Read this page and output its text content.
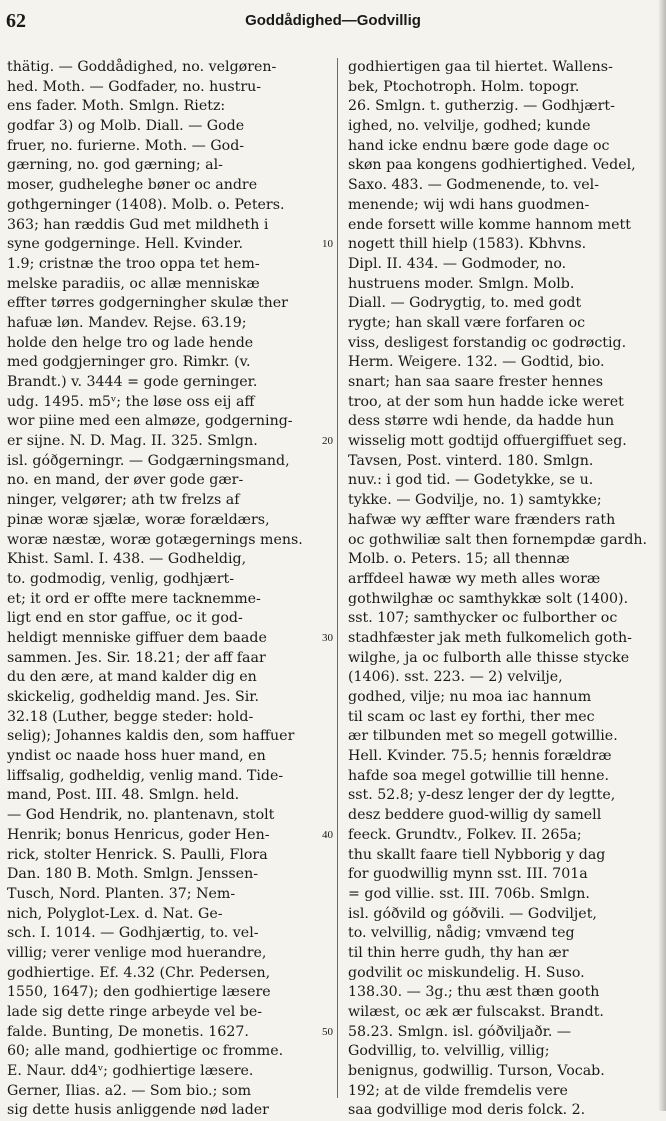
62	Goddådighed—Godvillig
thätig. — Goddådighed, no. velgøren-
hed. Moth. — Godfader, no. hustru-
ens fader. Moth. Smlgn. Rietz:
godfar 3) og Molb. Diall. — Gode
fruer, no. furierne. Moth. — God-
gærning, no. god gærning; al-
moser, gudheleghe bøner oc andre
gothgerninger (1408). Molb. o. Peters.
363; han ræddis Gud met mildheth i
syne godgerninge. Hell. Kvinder.
1.9; cristnæ the troo oppa tet hem-
melske paradiis, oc allæ menniskæ
effter tørres godgerningher skulæ ther
hafuæ løn. Mandev. Rejse. 63.19;
holde den helge tro og lade hende
med godgjerninger gro. Rimkr. (v.
Brandt.) v. 3444 = gode gerninger.
udg. 1495. m5ᵛ; the løse oss eij aff
wor piine med een almøze, godgerning-
er sijne. N. D. Mag. II. 325. Smlgn.
isl. góðgerningr. — Godgærningsmand,
no. en mand, der øver gode gær-
ninger, velgører; ath tw frelzs af
pinæ woræ sjælæ, woræ forældærs,
woræ næstæ, woræ gotægernings mens.
Khist. Saml. I. 438. — Godheldig,
to. godmodig, venlig, godhjært-
et; it ord er offte mere tacknemme-
ligt end en stor gaffue, oc it god-
heldigt menniske giffuer dem baade
sammen. Jes. Sir. 18.21; der aff faar
du den ære, at mand kalder dig en
skickelig, godheldig mand. Jes. Sir.
32.18 (Luther, begge steder: hold-
selig); Johannes kaldis den, som haffuer
yndist oc naade hoss huer mand, en
liffsalig, godheldig, venlig mand. Tide-
mand, Post. III. 48. Smlgn. held.
— God Hendrik, no. plantenavn, stolt
Henrik; bonus Henricus, goder Hen-
rick, stolter Henrick. S. Paulli, Flora
Dan. 180 B. Moth. Smlgn. Jenssen-
Tusch, Nord. Planten. 37; Nem-
nich, Polyglot-Lex. d. Nat. Ge-
sch. I. 1014. — Godhjærtig, to. vel-
villig; verer venlige mod huerandre,
godhiertige. Ef. 4.32 (Chr. Pedersen,
1550, 1647); den godhiertige læsere
lade sig dette ringe arbeyde vel be-
falde. Bunting, De monetis. 1627.
60; alle mand, godhiertige oc fromme.
E. Naur. dd4ᵛ; godhiertige læsere.
Gerner, Ilias. a2. — Som bio.; som
sig dette husis anliggende nød lader
10
20
30
40
50
godhiertigen gaa til hiertet. Wallens-
bek, Ptochotroph. Holm. topogr.
26. Smlgn. t. gutherzig. — Godhjært-
ighed, no. velvilje, godhed; kunde
hand icke endnu bære gode dage oc
skøn paa kongens godhiertighed. Vedel,
Saxo. 483. — Godmenende, to. vel-
menende; wij wdi hans guodmen-
ende forsett wille komme hannom mett
nogett thill hielp (1583). Kbhvns.
Dipl. II. 434. — Godmoder, no.
hustruens moder. Smlgn. Molb.
Diall. — Godrygtig, to. med godt
rygte; han skall være forfaren oc
viss, desligest forstandig oc godrøctig.
Herm. Weigere. 132. — Godtid, bio.
snart; han saa saare frester hennes
troo, at der som hun hadde icke weret
dess større wdi hende, da hadde hun
wisselig mott godtijd offuergiffuet seg.
Tavsen, Post. vinterd. 180. Smlgn.
nuv.: i god tid. — Godetykke, se u.
tykke. — Godvilje, no. 1) samtykke;
hafwæ wy æffter ware frænders rath
oc gothwiliæ salt then fornempdæ gardh.
Molb. o. Peters. 15; all thennæ
arffdeel hawæ wy meth alles woræ
gothwilghæ oc samthykkæ solt (1400).
sst. 107; samthycker oc fulborther oc
stadhfæster jak meth fulkomelich goth-
wilghe, ja oc fulborth alle thisse stycke
(1406). sst. 223. — 2) velvilje,
godhed, vilje; nu moa iac hannum
til scam oc last ey forthi, ther mec
ær tilbunden met so megell gotwillie.
Hell. Kvinder. 75.5; hennis forældræ
hafde soa megel gotwillie till henne.
sst. 52.8; y-desz lenger der dy legtte,
desz beddere guod-willig dy samell
feeck. Grundtv., Folkev. II. 265a;
thu skallt faare tiell Nybborig y dag
for guodwillig mynn sst. III. 701a
= god villie. sst. III. 706b. Smlgn.
isl. góðvild og góðvili. — Godviljet,
to. velvillig, nådig; vmvænd teg
til thin herre gudh, thy han ær
godvilit oc miskundelig. H. Suso.
138.30. — 3g.; thu æst thæn gooth
wilæst, oc æk ær fulscakst. Brandt.
58.23. Smlgn. isl. góðviljaðr. —
Godvillig, to. velvillig, villig;
benignus, godwillig. Turson, Vocab.
192; at de vilde fremdelis vere
saa godvillige mod deris folck. 2.
